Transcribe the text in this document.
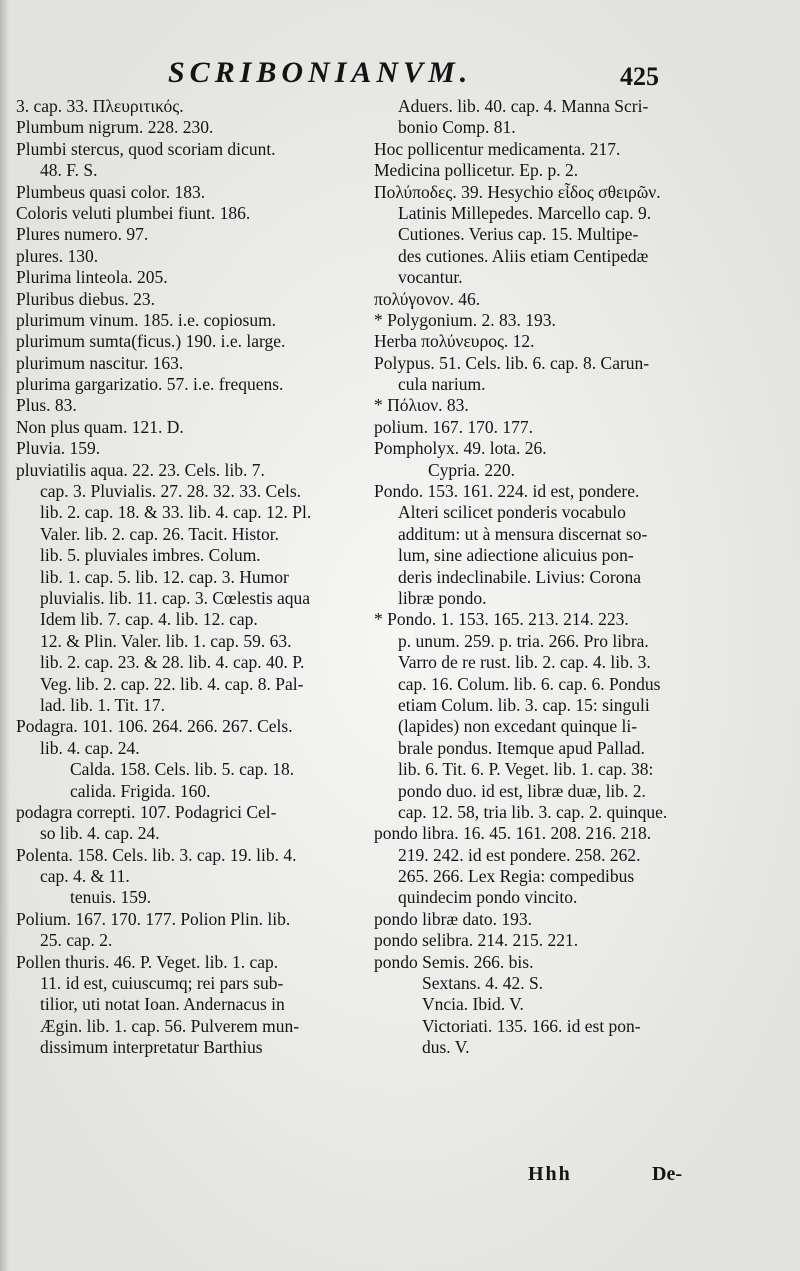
SCRIBONIANVM.	425
3. cap. 33. Πλευριτικός.
Plumbum nigrum. 228. 230.
Plumbi stercus, quod scoriam dicunt.
48. F. S.
Plumbeus quasi color. 183.
Coloris veluti plumbei fiunt. 186.
Plures numero. 97.
plures. 130.
Plurima linteola. 205.
Pluribus diebus. 23.
plurimum vinum. 185. i.e. copiosum.
plurimum sumta(ficus.) 190. i.e. large.
plurimum nascitur. 163.
plurima gargarizatio. 57. i.e. frequens.
Plus. 83.
Non plus quam. 121. D.
Pluvia. 159.
pluviatilis aqua. 22. 23. Cels. lib. 7.
cap. 3. Pluvialis. 27. 28. 32. 33. Cels.
lib. 2. cap. 18. & 33. lib. 4. cap. 12. Pl.
Valer. lib. 2. cap. 26. Tacit. Histor.
lib. 5. pluviales imbres. Colum.
lib. 1. cap. 5. lib. 12. cap. 3. Humor
pluvialis. lib. 11. cap. 3. Cœlestis aqua
Idem lib. 7. cap. 4. lib. 12. cap.
12. & Plin. Valer. lib. 1. cap. 59. 63.
lib. 2. cap. 23. & 28. lib. 4. cap. 40. P.
Veg. lib. 2. cap. 22. lib. 4. cap. 8. Pal-
lad. lib. 1. Tit. 17.
Podagra. 101. 106. 264. 266. 267. Cels.
lib. 4. cap. 24.
Calda. 158. Cels. lib. 5. cap. 18.
calida. Frigida. 160.
podagra correpti. 107. Podagrici Cel-
so lib. 4. cap. 24.
Polenta. 158. Cels. lib. 3. cap. 19. lib. 4.
cap. 4. & 11.
tenuis. 159.
Polium. 167. 170. 177. Polion Plin. lib.
25. cap. 2.
Pollen thuris. 46. P. Veget. lib. 1. cap.
11. id est, cuiuscumq; rei pars sub-
tilior, uti notat Ioan. Andernacus in
Ægin. lib. 1. cap. 56. Pulverem mun-
dissimum interpretatur Barthius
Aduers. lib. 40. cap. 4. Manna Scri-
bonio Comp. 81.
Hoc pollicentur medicamenta. 217.
Medicina pollicetur. Ep. p. 2.
Πολύποδες. 39. Hesychio εἶδος σθειρῶν.
Latinis Millepedes. Marcello cap. 9.
Cutiones. Verius cap. 15. Multipe-
des cutiones. Aliis etiam Centipedæ
vocantur.
πολύγονον. 46.
* Polygonium. 2. 83. 193.
Herba πολύνευρος. 12.
Polypus. 51. Cels. lib. 6. cap. 8. Carun-
cula narium.
* Πόλιον. 83.
polium. 167. 170. 177.
Pompholyx. 49. lota. 26.
Cypria. 220.
Pondo. 153. 161. 224. id est, pondere.
Alteri scilicet ponderis vocabulo
additum: ut à mensura discernat so-
lum, sine adiectione alicuius pon-
deris indeclinabile. Livius: Corona
libræ pondo.
* Pondo. 1. 153. 165. 213. 214. 223.
p. unum. 259. p. tria. 266. Pro libra.
Varro de re rust. lib. 2. cap. 4. lib. 3.
cap. 16. Colum. lib. 6. cap. 6. Pondus
etiam Colum. lib. 3. cap. 15: singuli
(lapides) non excedant quinque li-
brale pondus. Itemque apud Pallad.
lib. 6. Tit. 6. P. Veget. lib. 1. cap. 38:
pondo duo. id est, libræ duæ, lib. 2.
cap. 12. 58, tria lib. 3. cap. 2. quinque.
pondo libra. 16. 45. 161. 208. 216. 218.
219. 242. id est pondere. 258. 262.
265. 266. Lex Regia: compedibus
quindecim pondo vincito.
pondo libræ dato. 193.
pondo selibra. 214. 215. 221.
pondo Semis. 266. bis.
Sextans. 4. 42. S.
Vncia. Ibid. V.
Victoriati. 135. 166. id est pon-
dus. V.
Hhh	De-
